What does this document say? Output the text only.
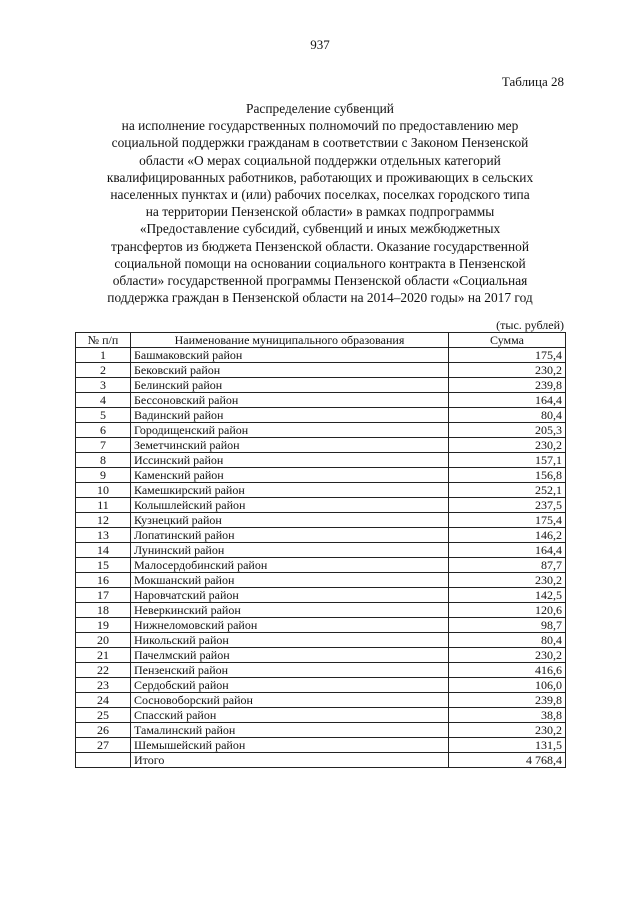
937
Таблица 28
Распределение субвенций
на исполнение государственных полномочий по предоставлению мер
социальной поддержки гражданам в соответствии с Законом Пензенской
области «О мерах социальной поддержки отдельных категорий
квалифицированных работников, работающих и проживающих в сельских
населенных пунктах и (или) рабочих поселках, поселках городского типа
на территории Пензенской области» в рамках подпрограммы
«Предоставление субсидий, субвенций и иных межбюджетных
трансфертов из бюджета Пензенской области. Оказание государственной
социальной помощи на основании социального контракта в Пензенской
области» государственной программы Пензенской области «Социальная
поддержка граждан в Пензенской области на 2014–2020 годы» на 2017 год
(тыс. рублей)
№ п/п	Наименование муниципального образования	Сумма
1	Башмаковский район	175,4
2	Бековский район	230,2
3	Белинский район	239,8
4	Бессоновский район	164,4
5	Вадинский район	80,4
6	Городищенский район	205,3
7	Земетчинский район	230,2
8	Иссинский район	157,1
9	Каменский район	156,8
10	Камешкирский район	252,1
11	Колышлейский район	237,5
12	Кузнецкий район	175,4
13	Лопатинский район	146,2
14	Лунинский район	164,4
15	Малосердобинский район	87,7
16	Мокшанский район	230,2
17	Наровчатский район	142,5
18	Неверкинский район	120,6
19	Нижнеломовский район	98,7
20	Никольский район	80,4
21	Пачелмский район	230,2
22	Пензенский район	416,6
23	Сердобский район	106,0
24	Сосновоборский район	239,8
25	Спасский район	38,8
26	Тамалинский район	230,2
27	Шемышейский район	131,5
	Итого	4 768,4
